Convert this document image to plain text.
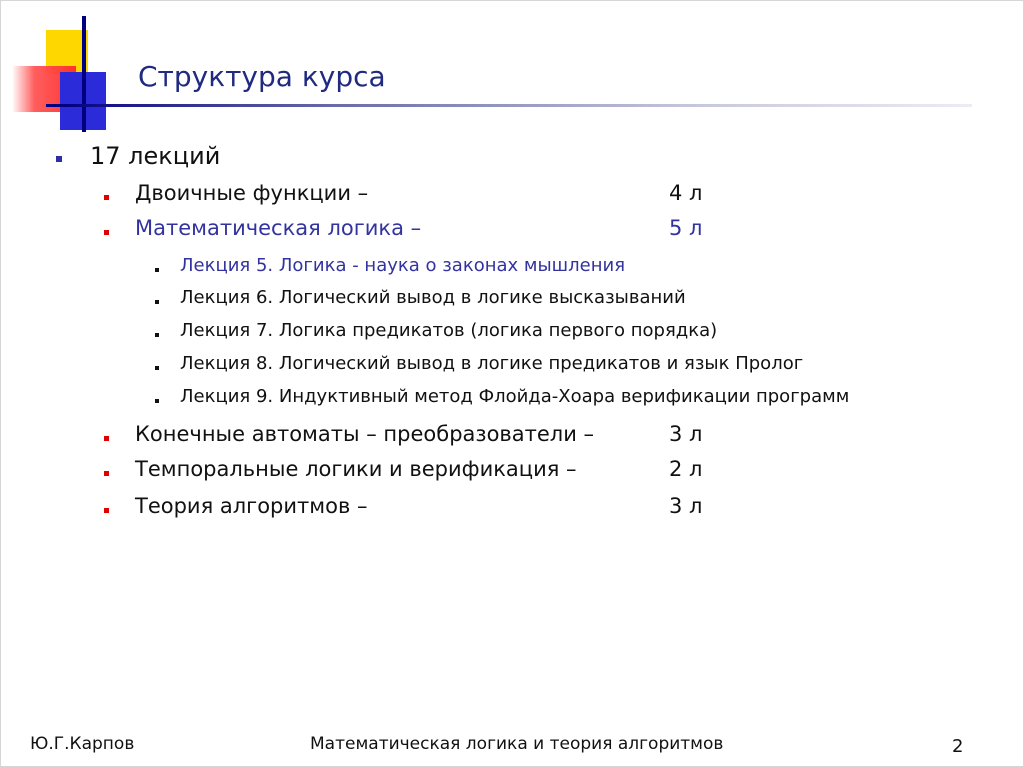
Структура курса
17 лекций
Двоичные функции –	4 л
Математическая логика –	5 л
Лекция 5. Логика - наука о законах мышления
Лекция 6. Логический вывод в логике высказываний
Лекция 7. Логика предикатов (логика первого порядка)
Лекция 8. Логический вывод в логике предикатов и язык Пролог
Лекция 9. Индуктивный метод Флойда-Хоара верификации программ
Конечные автоматы – преобразователи –	3 л
Темпоральные логики и верификация –	2 л
Теория алгоритмов –	3 л
Ю.Г.Карпов	Математическая логика и теория алгоритмов	2
